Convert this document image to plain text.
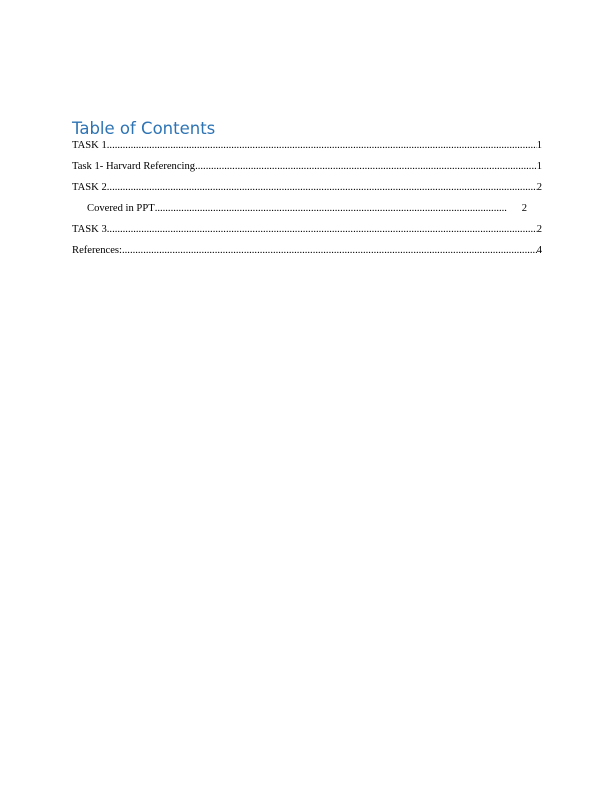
Table of Contents
TASK 1 .....	1
Task 1- Harvard Referencing .....	1
TASK 2 .....	2
Covered in PPT .....	2
TASK 3 .....	2
References: .....	4
